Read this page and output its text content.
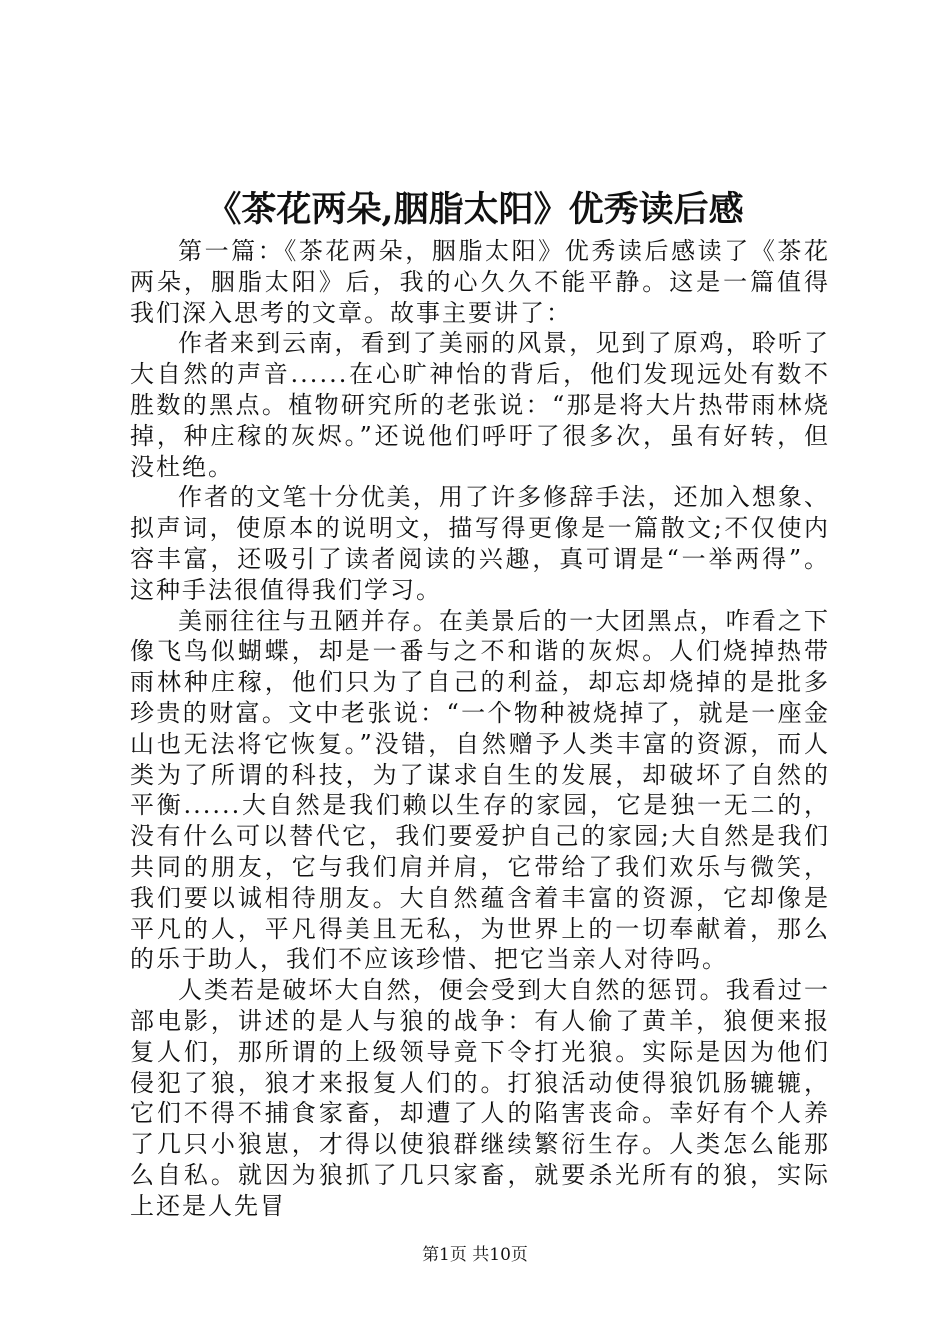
《茶花两朵,胭脂太阳》优秀读后感

第一篇：《茶花两朵，胭脂太阳》优秀读后感读了《茶花两朵，胭脂太阳》后，我的心久久不能平静。这是一篇值得我们深入思考的文章。故事主要讲了：

作者来到云南，看到了美丽的风景，见到了原鸡，聆听了大自然的声音......在心旷神怡的背后，他们发现远处有数不胜数的黑点。植物研究所的老张说：“那是将大片热带雨林烧掉，种庄稼的灰烬。”还说他们呼吁了很多次，虽有好转，但没杜绝。

作者的文笔十分优美，用了许多修辞手法，还加入想象、拟声词，使原本的说明文，描写得更像是一篇散文;不仅使内容丰富，还吸引了读者阅读的兴趣，真可谓是“一举两得”。这种手法很值得我们学习。

美丽往往与丑陋并存。在美景后的一大团黑点，咋看之下像飞鸟似蝴蝶，却是一番与之不和谐的灰烬。人们烧掉热带雨林种庄稼，他们只为了自己的利益，却忘却烧掉的是批多珍贵的财富。文中老张说：“一个物种被烧掉了，就是一座金山也无法将它恢复。”没错，自然赠予人类丰富的资源，而人类为了所谓的科技，为了谋求自生的发展，却破坏了自然的平衡......大自然是我们赖以生存的家园，它是独一无二的，没有什么可以替代它，我们要爱护自己的家园;大自然是我们共同的朋友，它与我们肩并肩，它带给了我们欢乐与微笑，我们要以诚相待朋友。大自然蕴含着丰富的资源，它却像是平凡的人，平凡得美且无私，为世界上的一切奉献着，那么的乐于助人，我们不应该珍惜、把它当亲人对待吗。

人类若是破坏大自然，便会受到大自然的惩罚。我看过一部电影，讲述的是人与狼的战争：有人偷了黄羊，狼便来报复人们，那所谓的上级领导竟下令打光狼。实际是因为他们侵犯了狼，狼才来报复人们的。打狼活动使得狼饥肠辘辘，它们不得不捕食家畜，却遭了人的陷害丧命。幸好有个人养了几只小狼崽，才得以使狼群继续繁衍生存。人类怎么能那么自私。就因为狼抓了几只家畜，就要杀光所有的狼，实际上还是人先冒

第1页 共10页
